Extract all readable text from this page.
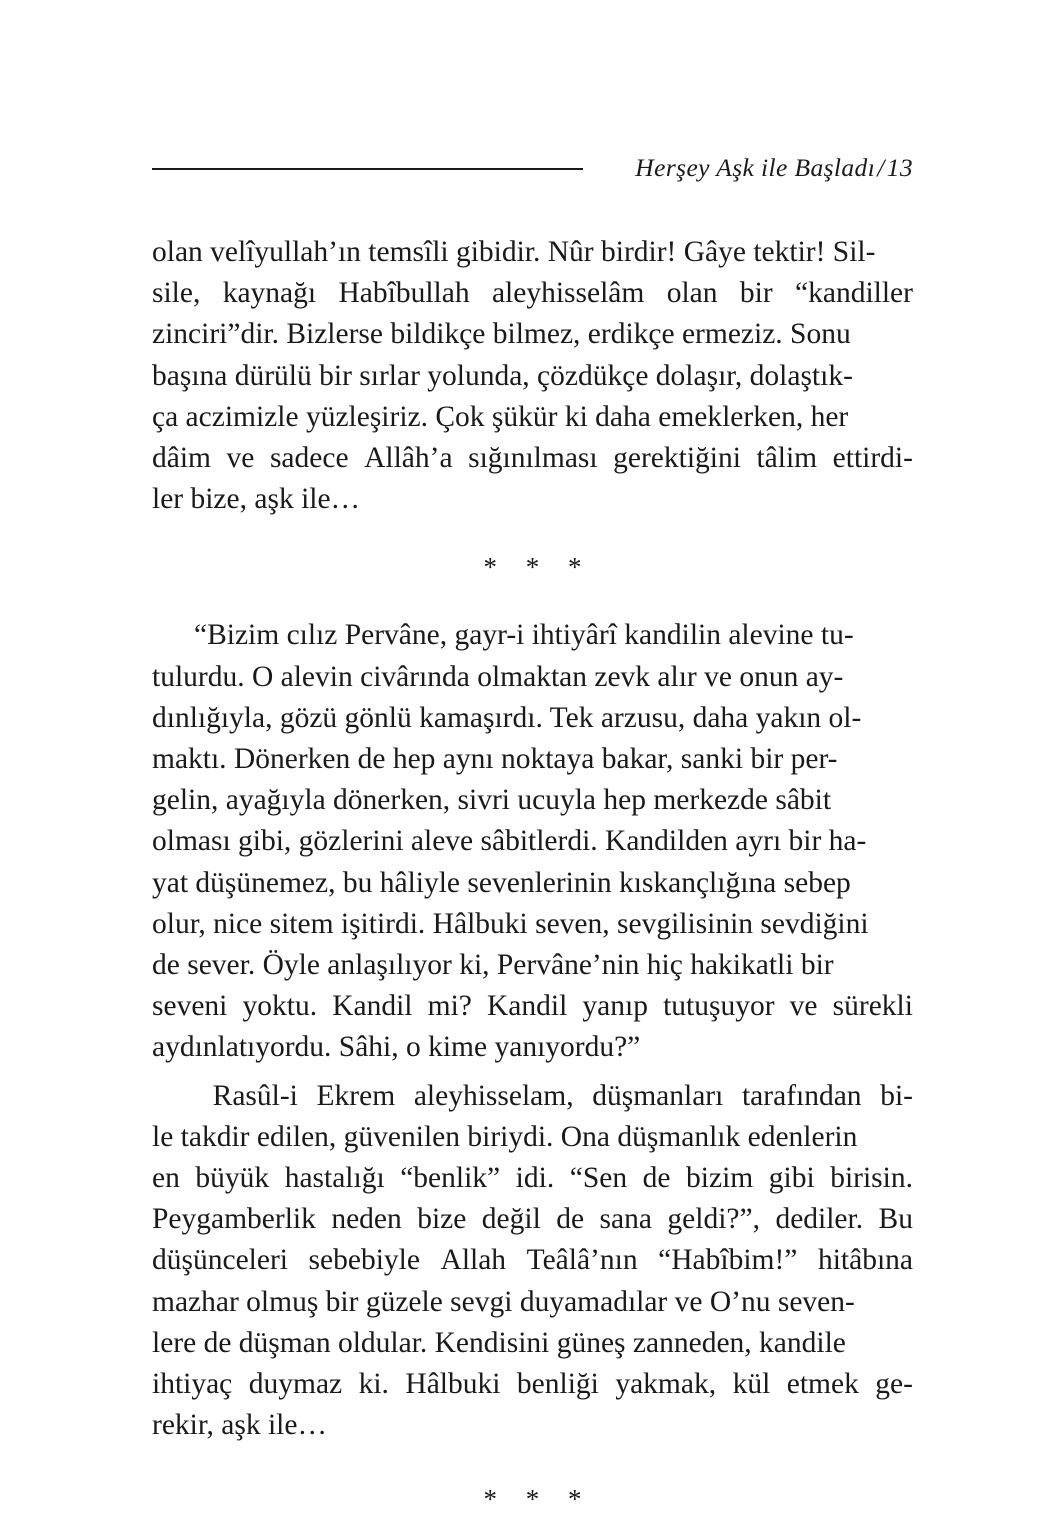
Herşey Aşk ile Başladı/13

olan velîyullah’ın temsîli gibidir. Nûr birdir! Gâye tektir! Sil-
sile, kaynağı Habîbullah aleyhisselâm olan bir “kandiller
zinciri”dir. Bizlerse bildikçe bilmez, erdikçe ermeziz. Sonu
başına dürülü bir sırlar yolunda, çözdükçe dolaşır, dolaştık-
ça aczimizle yüzleşiriz. Çok şükür ki daha emeklerken, her
dâim ve sadece Allâh’a sığınılması gerektiğini tâlim ettirdi-
ler bize, aşk ile…

* * *

“Bizim cılız Pervâne, gayr-i ihtiyârî kandilin alevine tu-
tulurdu. O alevin civârında olmaktan zevk alır ve onun ay-
dınlığıyla, gözü gönlü kamaşırdı. Tek arzusu, daha yakın ol-
maktı. Dönerken de hep aynı noktaya bakar, sanki bir per-
gelin, ayağıyla dönerken, sivri ucuyla hep merkezde sâbit
olması gibi, gözlerini aleve sâbitlerdi. Kandilden ayrı bir ha-
yat düşünemez, bu hâliyle sevenlerinin kıskançlığına sebep
olur, nice sitem işitirdi. Hâlbuki seven, sevgilisinin sevdiğini
de sever. Öyle anlaşılıyor ki, Pervâne’nin hiç hakikatli bir
seveni yoktu. Kandil mi? Kandil yanıp tutuşuyor ve sürekli
aydınlatıyordu. Sâhi, o kime yanıyordu?”

Rasûl-i Ekrem aleyhisselam, düşmanları tarafından bi-
le takdir edilen, güvenilen biriydi. Ona düşmanlık edenlerin
en büyük hastalığı “benlik” idi. “Sen de bizim gibi birisin.
Peygamberlik neden bize değil de sana geldi?”, dediler. Bu
düşünceleri sebebiyle Allah Teâlâ’nın “Habîbim!” hitâbına
mazhar olmuş bir güzele sevgi duyamadılar ve O’nu seven-
lere de düşman oldular. Kendisini güneş zanneden, kandile
ihtiyaç duymaz ki. Hâlbuki benliği yakmak, kül etmek ge-
rekir, aşk ile…

* * *
